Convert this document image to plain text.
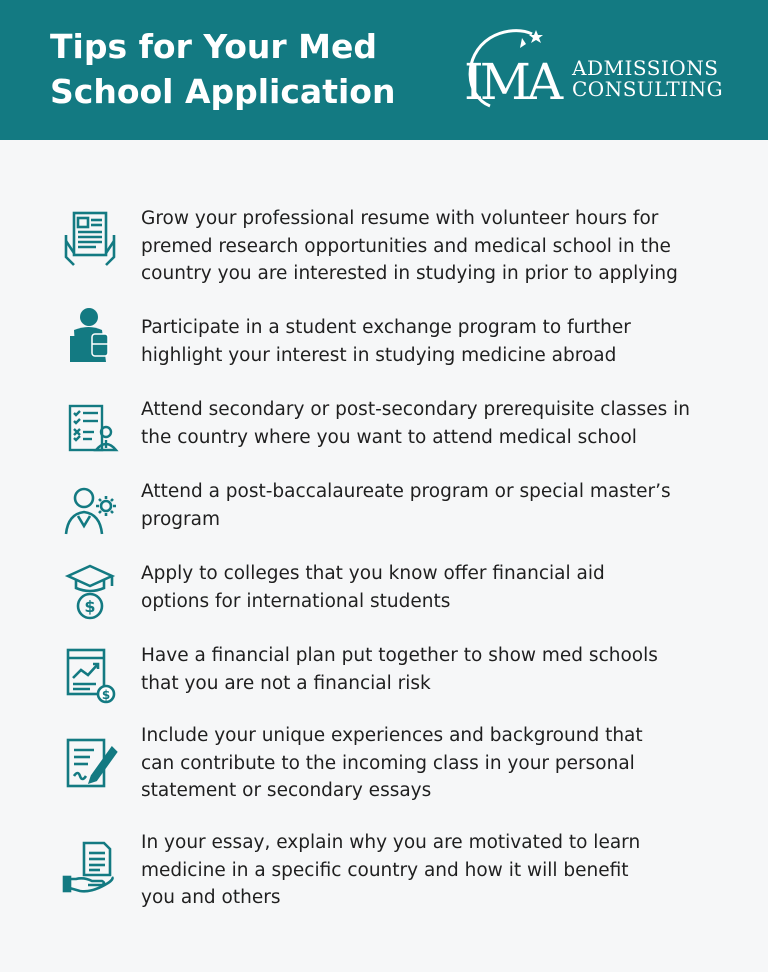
Tips for Your Med
School Application IMA ADMISSIONS
CONSULTING
Grow your professional resume with volunteer hours for
premed research opportunities and medical school in the
country you are interested in studying in prior to applying
Participate in a student exchange program to further
highlight your interest in studying medicine abroad
Attend secondary or post-secondary prerequisite classes in
the country where you want to attend medical school
Attend a post-baccalaureate program or special master’s
program
$
Apply to colleges that you know offer financial aid
options for international students
$
Have a financial plan put together to show med schools
that you are not a financial risk
Include your unique experiences and background that
can contribute to the incoming class in your personal
statement or secondary essays
In your essay, explain why you are motivated to learn
medicine in a specific country and how it will benefit
you and others
